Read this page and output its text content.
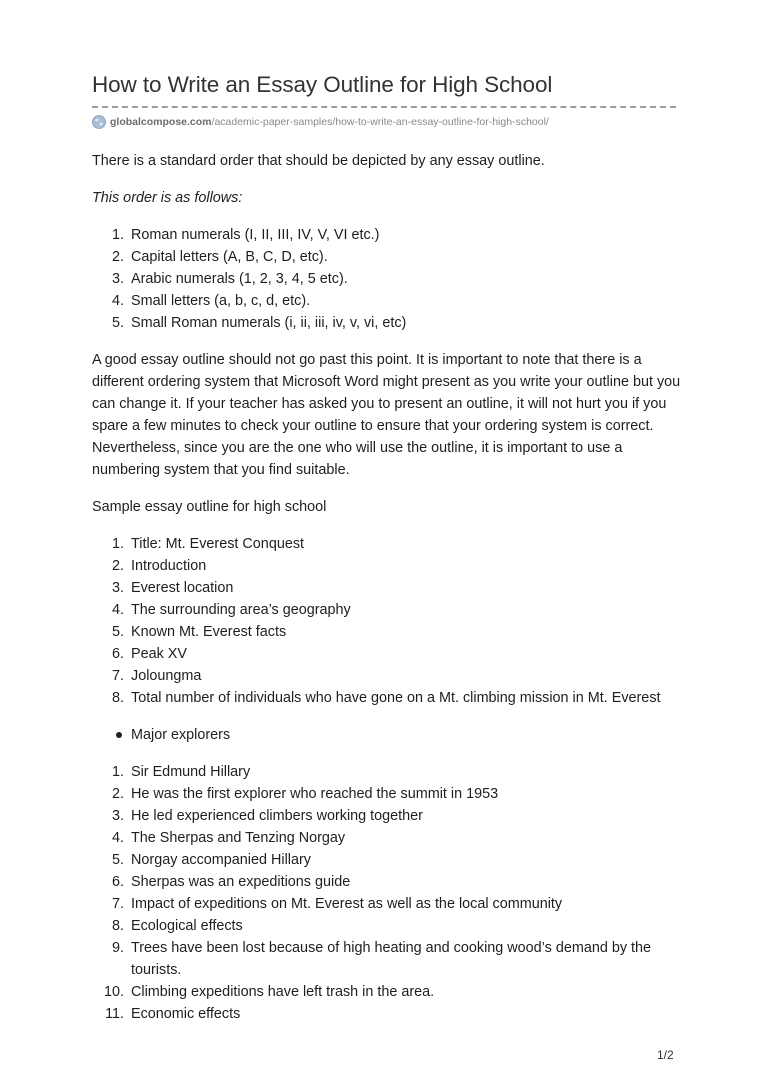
How to Write an Essay Outline for High School
globalcompose.com /academic-paper-samples/how-to-write-an-essay-outline-for-high-school/

There is a standard order that should be depicted by any essay outline.

This order is as follows:

1. Roman numerals (I, II, III, IV, V, VI etc.)
2. Capital letters (A, B, C, D, etc).
3. Arabic numerals (1, 2, 3, 4, 5 etc).
4. Small letters (a, b, c, d, etc).
5. Small Roman numerals (i, ii, iii, iv, v, vi, etc)

A good essay outline should not go past this point. It is important to note that there is a different ordering system that Microsoft Word might present as you write your outline but you can change it. If your teacher has asked you to present an outline, it will not hurt you if you spare a few minutes to check your outline to ensure that your ordering system is correct. Nevertheless, since you are the one who will use the outline, it is important to use a numbering system that you find suitable.

Sample essay outline for high school

1. Title: Mt. Everest Conquest
2. Introduction
3. Everest location
4. The surrounding area’s geography
5. Known Mt. Everest facts
6. Peak XV
7. Joloungma
8. Total number of individuals who have gone on a Mt. climbing mission in Mt. Everest
Major explorers
1. Sir Edmund Hillary
2. He was the first explorer who reached the summit in 1953
3. He led experienced climbers working together
4. The Sherpas and Tenzing Norgay
5. Norgay accompanied Hillary
6. Sherpas was an expeditions guide
7. Impact of expeditions on Mt. Everest as well as the local community
8. Ecological effects
9. Trees have been lost because of high heating and cooking wood’s demand by the tourists.
10. Climbing expeditions have left trash in the area.
11. Economic effects
1/2
